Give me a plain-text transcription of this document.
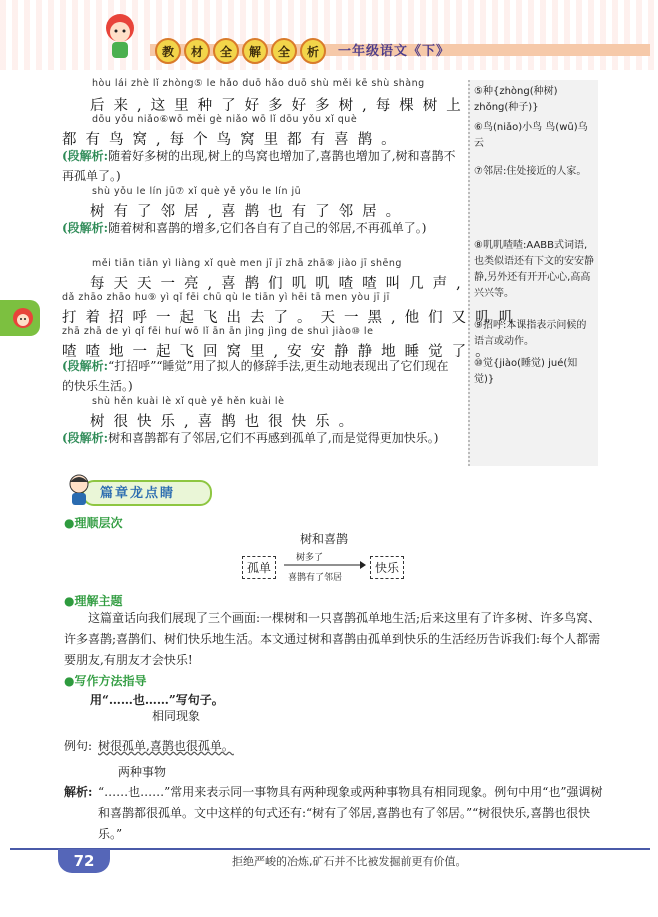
教	材	全	解	全	析	一年级语文《下》
⑤种{zhòng(种树) zhǒng(种子)}
⑥鸟(niǎo)小鸟 鸟(wū)乌云
⑦邻居:住处接近的人家。
⑧叽叽喳喳:AABB式词语,也类似语还有下文的安安静静,另外还有开开心心,高高兴兴等。
⑨招呼:本课指表示问候的语言或动作。
⑩觉{jiào(睡觉) jué(知觉)}
hòu lái zhè lǐ zhòng⑤ le hǎo duō hǎo duō shù měi kē shù shàng
后来,这里种了好多好多树,每棵树上
dōu yǒu niǎo⑥wō měi gè niǎo wō lǐ dōu yǒu xǐ què
都有鸟窝,每个鸟窝里都有喜鹊。
(段解析:随着好多树的出现,树上的鸟窝也增加了,喜鹊也增加了,树和喜鹊不再孤单了。)
shù yǒu le lín jū⑦ xǐ què yě yǒu le lín jū
树有了邻居,喜鹊也有了邻居。
(段解析:随着树和喜鹊的增多,它们各自有了自己的邻居,不再孤单了。)
měi tiān tiān yì liàng xǐ què men jī jī zhā zhā⑧ jiào jī shēng
每天天一亮,喜鹊们叽叽喳喳叫几声,
dǎ zhāo zhāo hu⑨ yì qǐ fēi chū qù le tiān yì hēi tā men yòu jī jī
打着招呼一起飞出去了。天一黑,他们又叽叽
zhā zhā de yì qǐ fēi huí wō lǐ ān ān jìng jìng de shuì jiào⑩ le
喳喳地一起飞回窝里,安安静静地睡觉了。
(段解析:“打招呼”“睡觉”用了拟人的修辞手法,更生动地表现出了它们现在的快乐生活。)
shù hěn kuài lè xǐ què yě hěn kuài lè
树很快乐,喜鹊也很快乐。
(段解析:树和喜鹊都有了邻居,它们不再感到孤单了,而是觉得更加快乐。)
篇章龙点睛
●理顺层次
树和喜鹊
孤单
树多了
喜鹊有了邻居
快乐
●理解主题
这篇童话向我们展现了三个画面:一棵树和一只喜鹊孤单地生活;后来这里有了许多树、许多鸟窝、许多喜鹊;喜鹊们、树们快乐地生活。本文通过树和喜鹊由孤单到快乐的生活经历告诉我们:每个人都需要朋友,有朋友才会快乐!
●写作方法指导
用“……也……”写句子。
相同现象
例句: 树很孤单,喜鹊也很孤单。
两种事物
解析: “……也……”常用来表示同一事物具有两种现象或两种事物具有相同现象。例句中用“也”强调树和喜鹊都很孤单。文中这样的句式还有:“树有了邻居,喜鹊也有了邻居。”“树很快乐,喜鹊也很快乐。”
72	拒绝严峻的冶炼,矿石并不比被发掘前更有价值。
